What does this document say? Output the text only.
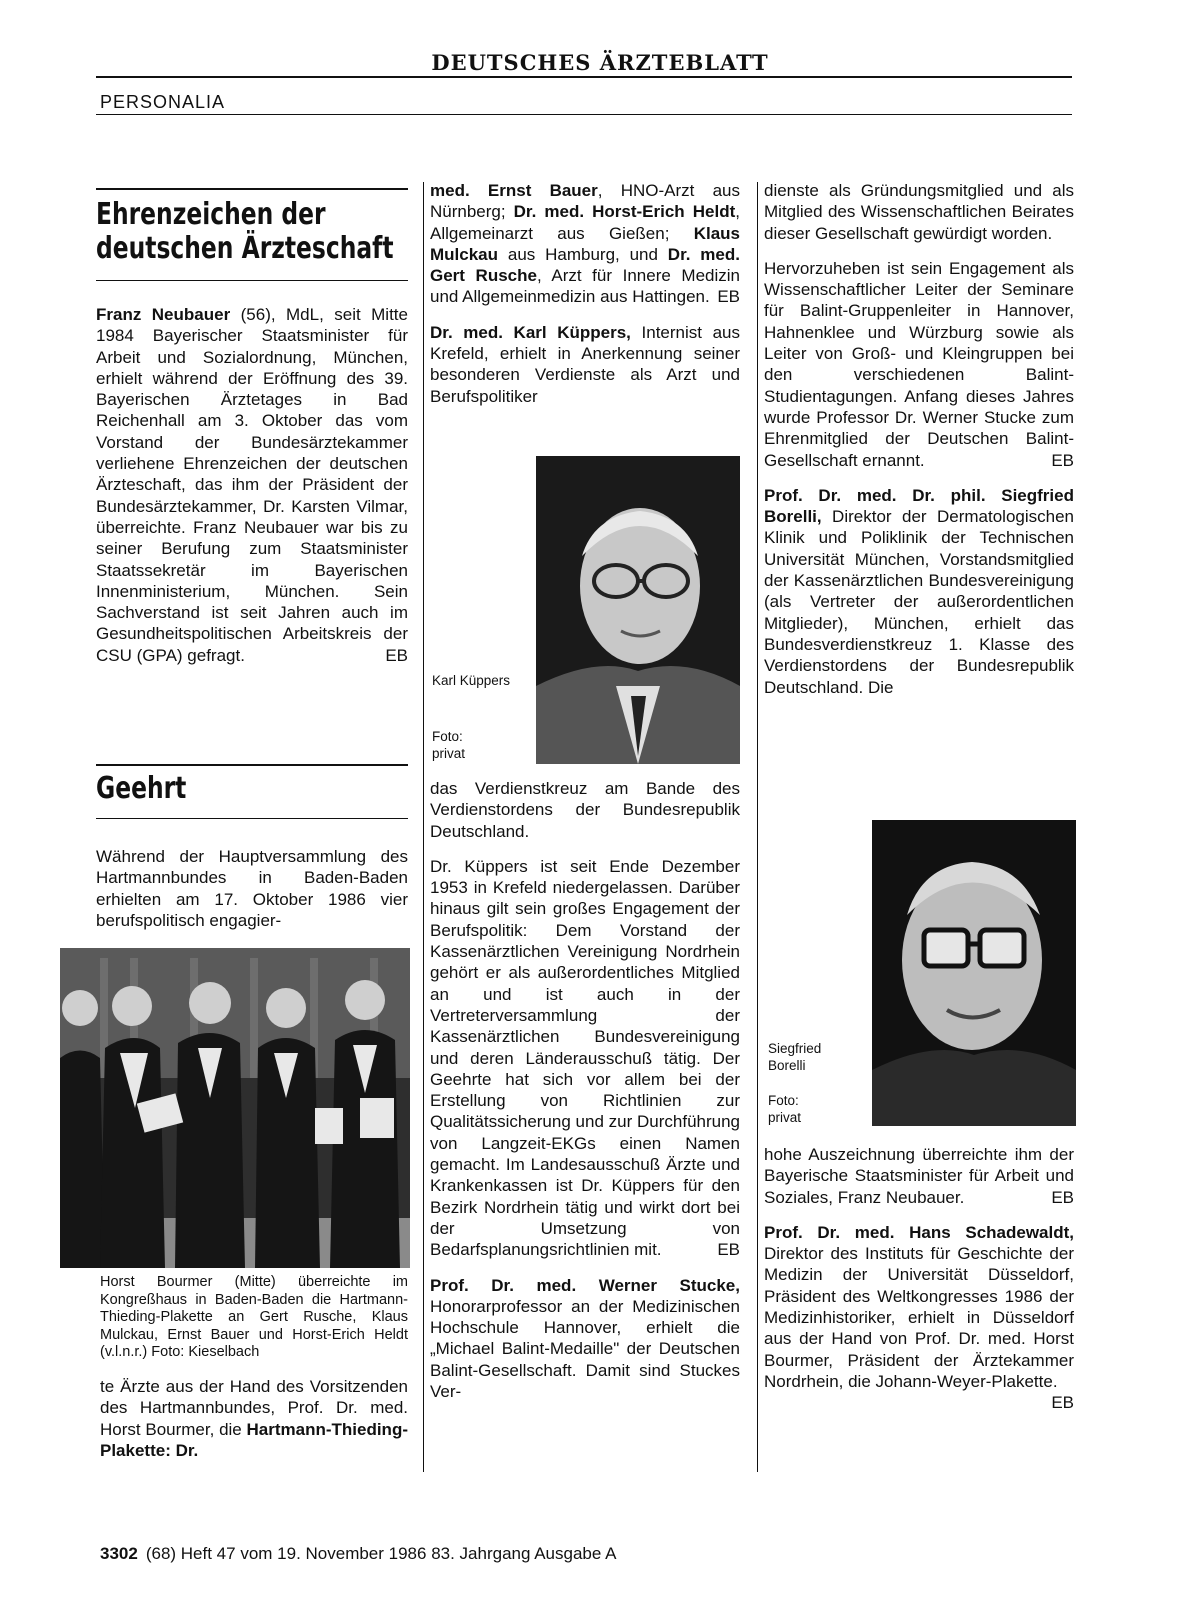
DEUTSCHES ÄRZTEBLATT
PERSONALIA
Ehrenzeichen der
deutschen Ärzteschaft

Franz Neubauer (56), MdL, seit Mitte 1984 Bayerischer Staatsminister für Arbeit und Sozialordnung, München, erhielt während der Eröffnung des 39. Bayerischen Ärztetages in Bad Reichenhall am 3. Oktober das vom Vorstand der Bundesärztekammer verliehene Ehrenzeichen der deutschen Ärzteschaft, das ihm der Präsident der Bundesärztekammer, Dr. Karsten Vilmar, überreichte. Franz Neubauer war bis zu seiner Berufung zum Staatsminister Staatssekretär im Bayerischen Innenministerium, München. Sein Sachverstand ist seit Jahren auch im Gesundheitspolitischen Arbeitskreis der CSU (GPA) gefragt.	EB

Geehrt

Während der Hauptversammlung des Hartmannbundes in Baden-Baden erhielten am 17. Oktober 1986 vier berufspolitisch engagier-

Horst Bourmer (Mitte) überreichte im Kongreßhaus in Baden-Baden die Hartmann-Thieding-Plakette an Gert Rusche, Klaus Mulckau, Ernst Bauer und Horst-Erich Heldt (v.l.n.r.) Foto: Kieselbach

te Ärzte aus der Hand des Vorsitzenden des Hartmannbundes, Prof. Dr. med. Horst Bourmer, die Hartmann-Thieding-Plakette: Dr.

med. Ernst Bauer, HNO-Arzt aus Nürnberg; Dr. med. Horst-Erich Heldt, Allgemeinarzt aus Gießen; Klaus Mulckau aus Hamburg, und Dr. med. Gert Rusche, Arzt für Innere Medizin und Allgemeinmedizin aus Hattingen. EB

Dr. med. Karl Küppers, Internist aus Krefeld, erhielt in Anerkennung seiner besonderen Verdienste als Arzt und Berufspolitiker

Karl Küppers
Foto: privat

das Verdienstkreuz am Bande des Verdienstordens der Bundesrepublik Deutschland.

Dr. Küppers ist seit Ende Dezember 1953 in Krefeld niedergelassen. Darüber hinaus gilt sein großes Engagement der Berufspolitik: Dem Vorstand der Kassenärztlichen Vereinigung Nordrhein gehört er als außerordentliches Mitglied an und ist auch in der Vertreterversammlung der Kassenärztlichen Bundesvereinigung und deren Länderausschuß tätig. Der Geehrte hat sich vor allem bei der Erstellung von Richtlinien zur Qualitätssicherung und zur Durchführung von Langzeit-EKGs einen Namen gemacht. Im Landesausschuß Ärzte und Krankenkassen ist Dr. Küppers für den Bezirk Nordrhein tätig und wirkt dort bei der Umsetzung von Bedarfsplanungsrichtlinien mit.	EB

Prof. Dr. med. Werner Stucke, Honorarprofessor an der Medizinischen Hochschule Hannover, erhielt die „Michael Balint-Medaille" der Deutschen Balint-Gesellschaft. Damit sind Stuckes Ver-

dienste als Gründungsmitglied und als Mitglied des Wissenschaftlichen Beirates dieser Gesellschaft gewürdigt worden.

Hervorzuheben ist sein Engagement als Wissenschaftlicher Leiter der Seminare für Balint-Gruppenleiter in Hannover, Hahnenklee und Würzburg sowie als Leiter von Groß- und Kleingruppen bei den verschiedenen Balint-Studientagungen. Anfang dieses Jahres wurde Professor Dr. Werner Stucke zum Ehrenmitglied der Deutschen Balint-Gesellschaft ernannt.	EB

Prof. Dr. med. Dr. phil. Siegfried Borelli, Direktor der Dermatologischen Klinik und Poliklinik der Technischen Universität München, Vorstandsmitglied der Kassenärztlichen Bundesvereinigung (als Vertreter der außerordentlichen Mitglieder), München, erhielt das Bundesverdienstkreuz 1. Klasse des Verdienstordens der Bundesrepublik Deutschland. Die

Siegfried Borelli
Foto: privat

hohe Auszeichnung überreichte ihm der Bayerische Staatsminister für Arbeit und Soziales, Franz Neubauer.	EB

Prof. Dr. med. Hans Schadewaldt, Direktor des Instituts für Geschichte der Medizin der Universität Düsseldorf, Präsident des Weltkongresses 1986 der Medizinhistoriker, erhielt in Düsseldorf aus der Hand von Prof. Dr. med. Horst Bourmer, Präsident der Ärztekammer Nordrhein, die Johann-Weyer-Plakette.
EB

3302 (68) Heft 47 vom 19. November 1986 83. Jahrgang Ausgabe A
